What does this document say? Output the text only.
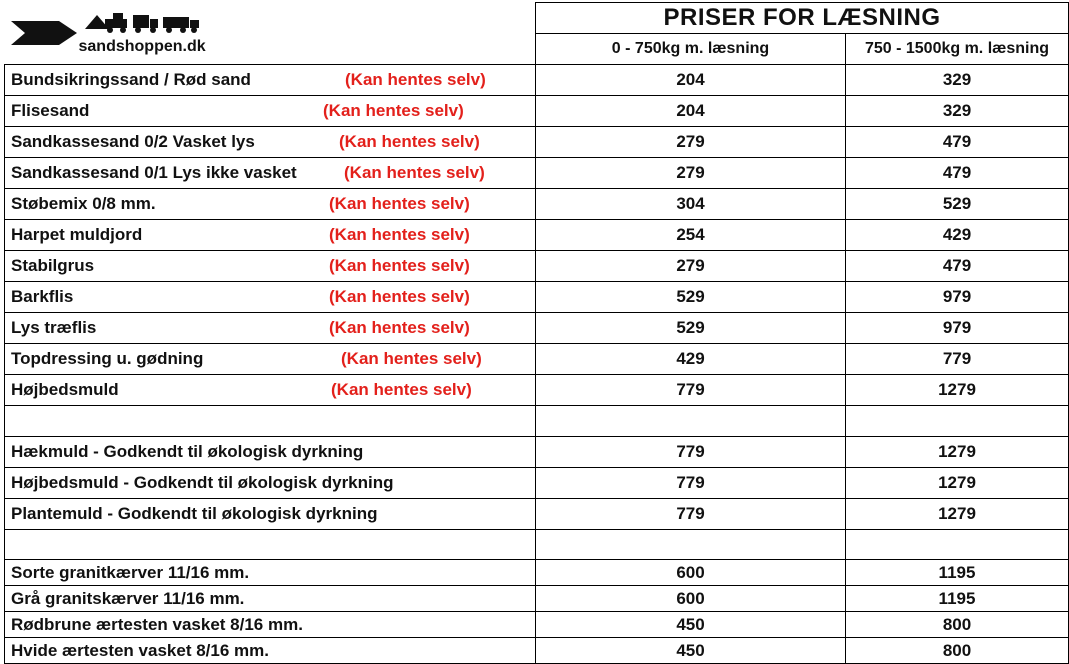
sandshoppen.dk	PRISER FOR LÆSNING	
	0 - 750kg m. læsning	750 - 1500kg m. læsning
Bundsikringssand / Rød sand (Kan hentes selv)	204	329
Flisesand (Kan hentes selv)	204	329
Sandkassesand 0/2 Vasket lys (Kan hentes selv)	279	479
Sandkassesand 0/1 Lys ikke vasket (Kan hentes selv)	279	479
Støbemix 0/8 mm. (Kan hentes selv)	304	529
Harpet muldjord (Kan hentes selv)	254	429
Stabilgrus (Kan hentes selv)	279	479
Barkflis (Kan hentes selv)	529	979
Lys træflis (Kan hentes selv)	529	979
Topdressing u. gødning (Kan hentes selv)	429	779
Højbedsmuld (Kan hentes selv)	779	1279

Hækmuld - Godkendt til økologisk dyrkning	779	1279
Højbedsmuld - Godkendt til økologisk dyrkning	779	1279
Plantemuld - Godkendt til økologisk dyrkning	779	1279

Sorte granitkærver 11/16 mm.	600	1195
Grå granitskærver 11/16 mm.	600	1195
Rødbrune ærtesten vasket 8/16 mm.	450	800
Hvide ærtesten vasket 8/16 mm.	450	800
